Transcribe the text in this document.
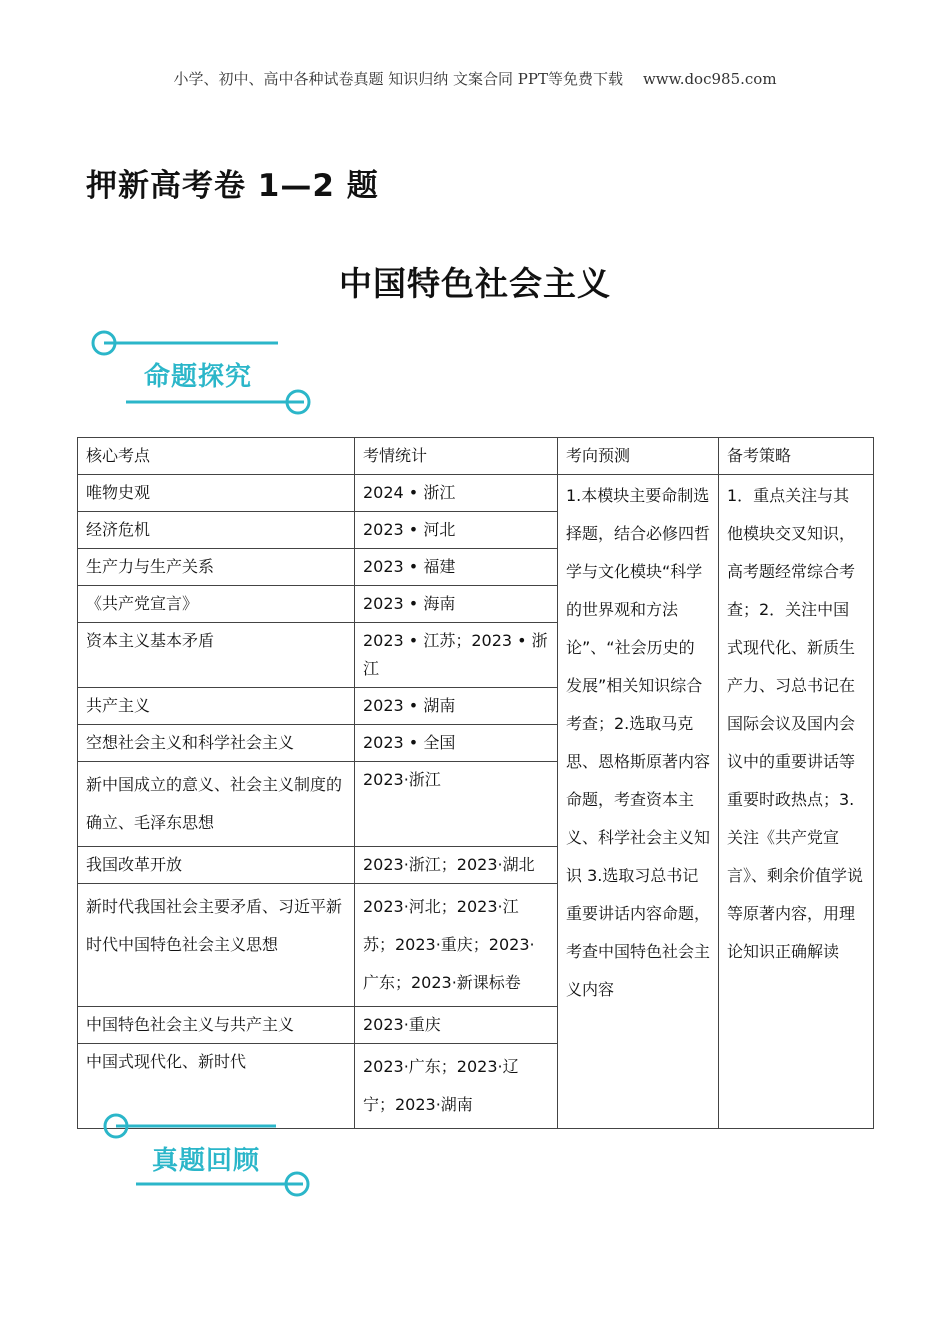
小学、初中、高中各种试卷真题 知识归纳 文案合同 PPT等免费下载 www.doc985.com
押新高考卷 1—2 题
中国特色社会主义
命题探究
核心考点	考情统计	考向预测	备考策略
唯物史观	2024 • 浙江	1.本模块主要命制选择题，结合必修四哲学与文化模块“科学的世界观和方法论”、“社会历史的发展”相关知识综合考查；2.选取马克思、恩格斯原著内容命题，考查资本主义、科学社会主义知识 3.选取习总书记重要讲话内容命题，考查中国特色社会主义内容	1．重点关注与其他模块交叉知识，高考题经常综合考查；2．关注中国式现代化、新质生产力、习总书记在国际会议及国内会议中的重要讲话等重要时政热点；3.关注《共产党宣言》、剩余价值学说等原著内容，用理论知识正确解读
经济危机	2023 • 河北		
生产力与生产关系	2023 • 福建		
《共产党宣言》	2023 • 海南		
资本主义基本矛盾	2023 • 江苏；2023 • 浙江		
共产主义	2023 • 湖南		
空想社会主义和科学社会主义	2023 • 全国		
新中国成立的意义、社会主义制度的确立、毛泽东思想	2023·浙江		
我国改革开放	2023·浙江；2023·湖北		
新时代我国社会主要矛盾、习近平新时代中国特色社会主义思想	2023·河北；2023·江苏；2023·重庆；2023·广东；2023·新课标卷		
中国特色社会主义与共产主义	2023·重庆		
中国式现代化、新时代	2023·广东；2023·辽宁；2023·湖南		
真题回顾
